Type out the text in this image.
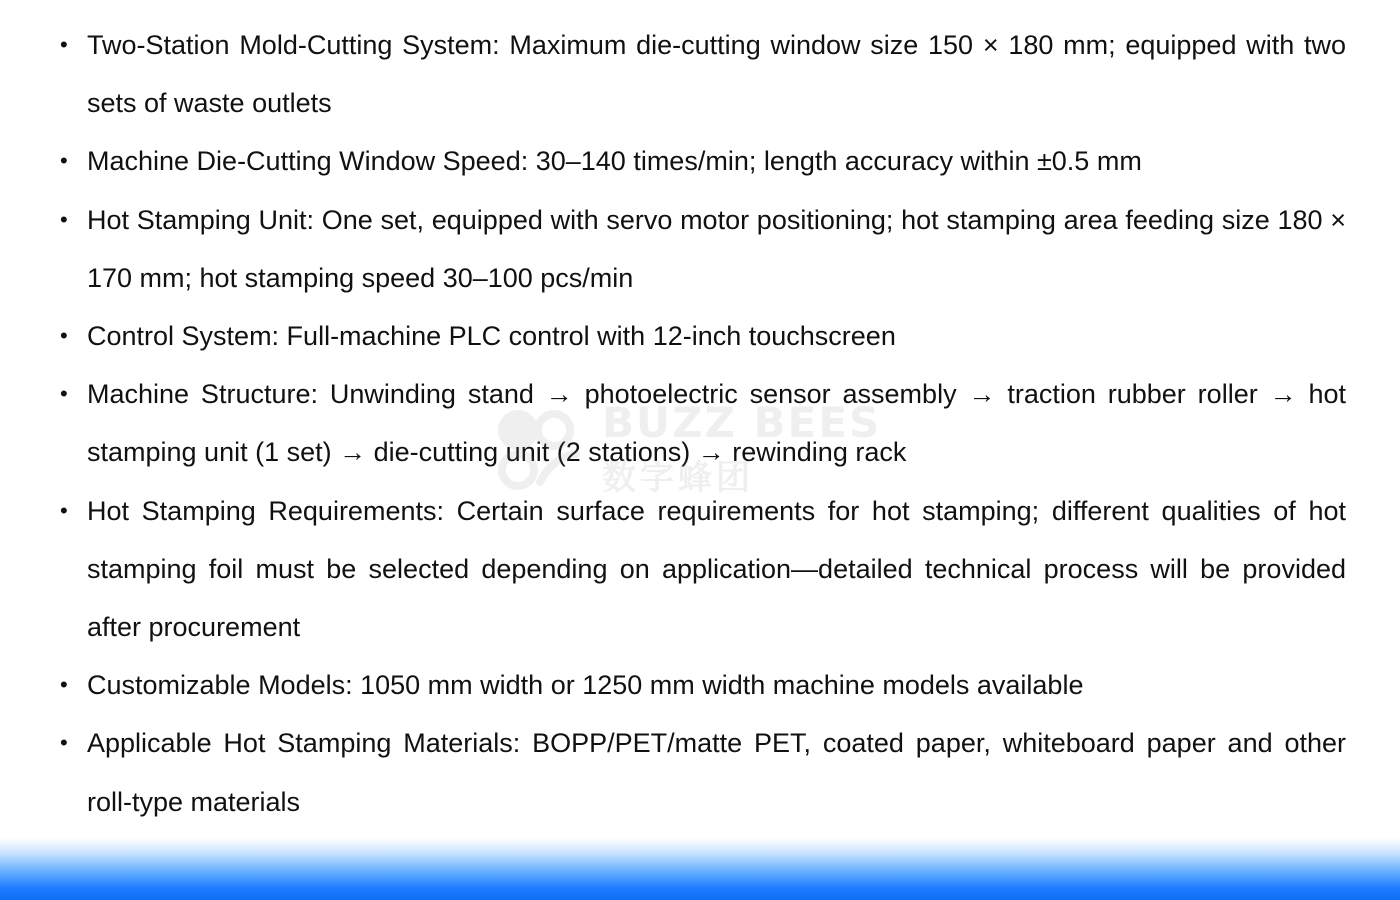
• Two-Station Mold-Cutting System: Maximum die-cutting window size 150 × 180 mm; equipped with two sets of waste outlets
• Machine Die-Cutting Window Speed: 30–140 times/min; length accuracy within ±0.5 mm
• Hot Stamping Unit: One set, equipped with servo motor positioning; hot stamping area feeding size 180 × 170 mm; hot stamping speed 30–100 pcs/min
• Control System: Full-machine PLC control with 12-inch touchscreen
• Machine Structure: Unwinding stand → photoelectric sensor assembly → traction rubber roller → hot stamping unit (1 set) → die-cutting unit (2 stations) → rewinding rack
• Hot Stamping Requirements: Certain surface requirements for hot stamping; different qualities of hot stamping foil must be selected depending on application—detailed technical process will be provided after procurement
• Customizable Models: 1050 mm width or 1250 mm width machine models available
• Applicable Hot Stamping Materials: BOPP/PET/matte PET, coated paper, whiteboard paper and other roll-type materials
BUZZ BEES
数字蜂团
